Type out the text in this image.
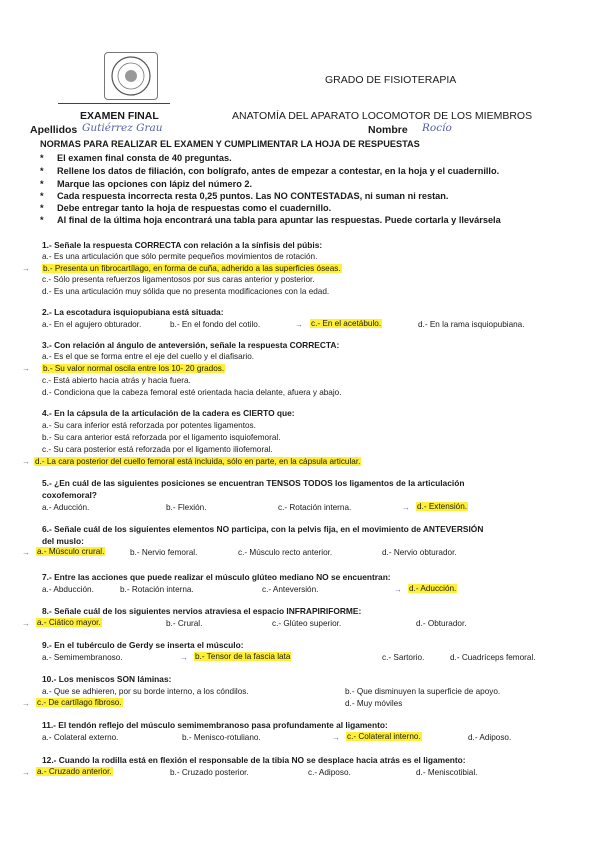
GRADO DE FISIOTERAPIA
EXAMEN FINAL	ANATOMÍA DEL APARATO LOCOMOTOR DE LOS MIEMBROS
Apellidos Gutiérrez Grau	Nombre Rocío
NORMAS PARA REALIZAR EL EXAMEN Y CUMPLIMENTAR LA HOJA DE RESPUESTAS
* El examen final consta de 40 preguntas.
* Rellene los datos de filiación, con bolígrafo, antes de empezar a contestar, en la hoja y el cuadernillo.
* Marque las opciones con lápiz del número 2.
* Cada respuesta incorrecta resta 0,25 puntos. Las NO CONTESTADAS, ni suman ni restan.
* Debe entregar tanto la hoja de respuestas como el cuadernillo.
* Al final de la última hoja encontrará una tabla para apuntar las respuestas. Puede cortarla y llevársela
1.- Señale la respuesta CORRECTA con relación a la sínfisis del púbis:
a.- Es una articulación que sólo permite pequeños movimientos de rotación.
→ b.- Presenta un fibrocartílago, en forma de cuña, adherido a las superficies óseas.
c.- Sólo presenta refuerzos ligamentosos por sus caras anterior y posterior.
d.- Es una articulación muy sólida que no presenta modificaciones con la edad.
2.- La escotadura isquiopubiana está situada:
a.- En el agujero obturador.	b.- En el fondo del cotilo.	→ c.- En el acetábulo.	d.- En la rama isquiopubiana.
3.- Con relación al ángulo de anteversión, señale la respuesta CORRECTA:
a.- Es el que se forma entre el eje del cuello y el diafisario.
→ b.- Su valor normal oscila entre los 10- 20 grados.
c.- Está abierto hacia atrás y hacia fuera.
d.- Condiciona que la cabeza femoral esté orientada hacia delante, afuera y abajo.
4.- En la cápsula de la articulación de la cadera es CIERTO que:
a.- Su cara inferior está reforzada por potentes ligamentos.
b.- Su cara anterior está reforzada por el ligamento isquiofemoral.
c.- Su cara posterior está reforzada por el ligamento iliofemoral.
→ d.- La cara posterior del cuello femoral está incluida, sólo en parte, en la cápsula articular.
5.- ¿En cuál de las siguientes posiciones se encuentran TENSOS TODOS los ligamentos de la articulación
coxofemoral?
a.- Aducción.	b.- Flexión.	c.- Rotación interna.	→ d.- Extensión.
6.- Señale cuál de los siguientes elementos NO participa, con la pelvis fija, en el movimiento de ANTEVERSIÓN
del muslo:
→ a.- Músculo crural.	b.- Nervio femoral.	c.- Músculo recto anterior.	d.- Nervio obturador.
7.- Entre las acciones que puede realizar el músculo glúteo mediano NO se encuentran:
a.- Abducción.	b.- Rotación interna.	c.- Anteversión.	→ d.- Aducción.
8.- Señale cuál de los siguientes nervios atraviesa el espacio INFRAPIRIFORME:
→ a.- Ciático mayor.	b.- Crural.	c.- Glúteo superior.	d.- Obturador.
9.- En el tubérculo de Gerdy se inserta el músculo:
a.- Semimembranoso.	→ b.- Tensor de la fascia lata	c.- Sartorio.	d.- Cuadríceps femoral.
10.- Los meniscos SON láminas:
a.- Que se adhieren, por su borde interno, a los cóndilos.	b.- Que disminuyen la superficie de apoyo.
→ c.- De cartílago fibroso.	d.- Muy móviles
11.- El tendón reflejo del músculo semimembranoso pasa profundamente al ligamento:
a.- Colateral externo.	b.- Menisco-rotuliano.	→ c.- Colateral interno.	d.- Adiposo.
12.- Cuando la rodilla está en flexión el responsable de la tibia NO se desplace hacia atrás es el ligamento:
→ a.- Cruzado anterior.	b.- Cruzado posterior.	c.- Adiposo.	d.- Meniscotibial.
